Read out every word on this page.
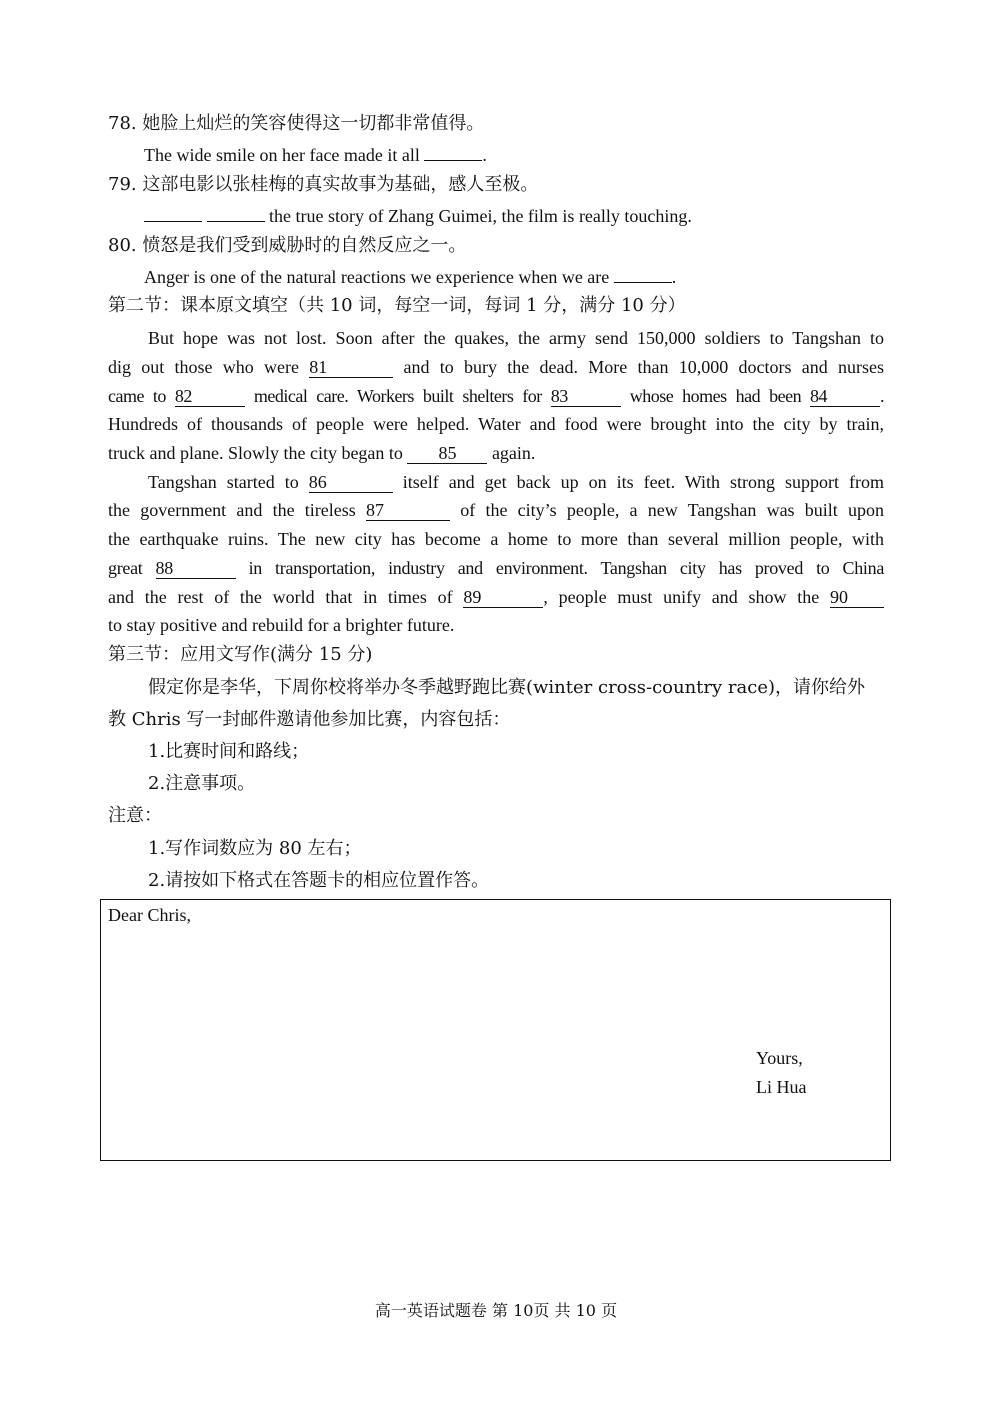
78. 她脸上灿烂的笑容使得这一切都非常值得。
The wide smile on her face made it all	.
79. 这部电影以张桂梅的真实故事为基础，感人至极。
the true story of Zhang Guimei, the film is really touching.
80. 愤怒是我们受到威胁时的自然反应之一。
Anger is one of the natural reactions we experience when we are	.
第二节：课本原文填空（共 10 词，每空一词，每词 1 分，满分 10 分）
But hope was not lost. Soon after the quakes, the army send 150,000 soldiers to Tangshan to
dig out those who were 81	and to bury the dead. More than 10,000 doctors and nurses
came to 82	medical care. Workers built shelters for 83	whose homes had been 84	.
Hundreds of thousands of people were helped. Water and food were brought into the city by train,
truck and plane. Slowly the city began to 85 again.
Tangshan started to 86	itself and get back up on its feet. With strong support from
the government and the tireless 87	of the city’s people, a new Tangshan was built upon
the earthquake ruins. The new city has become a home to more than several million people, with
great 88	in transportation, industry and environment. Tangshan city has proved to China
and the rest of the world that in times of 89	, people must unify and show the 90
to stay positive and rebuild for a brighter future.
第三节：应用文写作(满分 15 分)
假定你是李华，下周你校将举办冬季越野跑比赛(winter cross-country race)，请你给外
教 Chris 写一封邮件邀请他参加比赛，内容包括：
1.比赛时间和路线；
2.注意事项。
注意：
1.写作词数应为 80 左右；
2.请按如下格式在答题卡的相应位置作答。
Dear Chris,
Yours,
Li Hua
高一英语试题卷 第 10页 共 10 页
